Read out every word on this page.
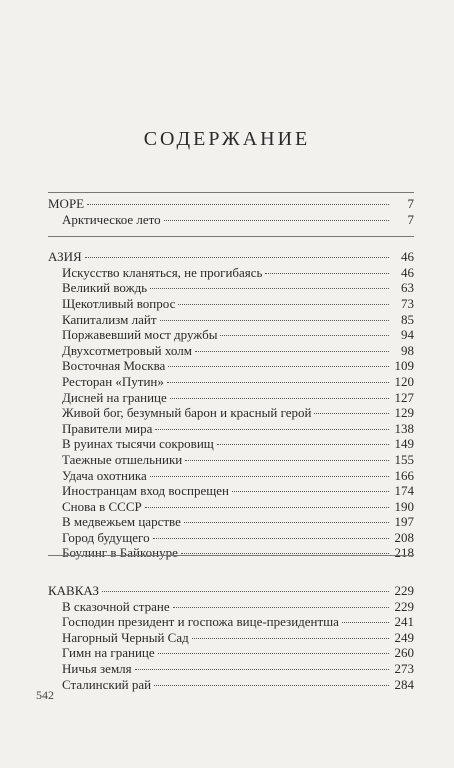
СОДЕРЖАНИЕ
МОРЕ	7
Арктическое лето	7
АЗИЯ	46
Искусство кланяться, не прогибаясь	46
Великий вождь	63
Щекотливый вопрос	73
Капитализм лайт	85
Поржавевший мост дружбы	94
Двухсотметровый холм	98
Восточная Москва	109
Ресторан «Путин»	120
Дисней на границе	127
Живой бог, безумный барон и красный герой	129
Правители мира	138
В руинах тысячи сокровищ	149
Таежные отшельники	155
Удача охотника	166
Иностранцам вход воспрещен	174
Снова в СССР	190
В медвежьем царстве	197
Город будущего	208
Боулинг в Байконуре	218
КАВКАЗ	229
В сказочной стране	229
Господин президент и госпожа вице-президентша	241
Нагорный Черный Сад	249
Гимн на границе	260
Ничья земля	273
Сталинский рай	284
542
